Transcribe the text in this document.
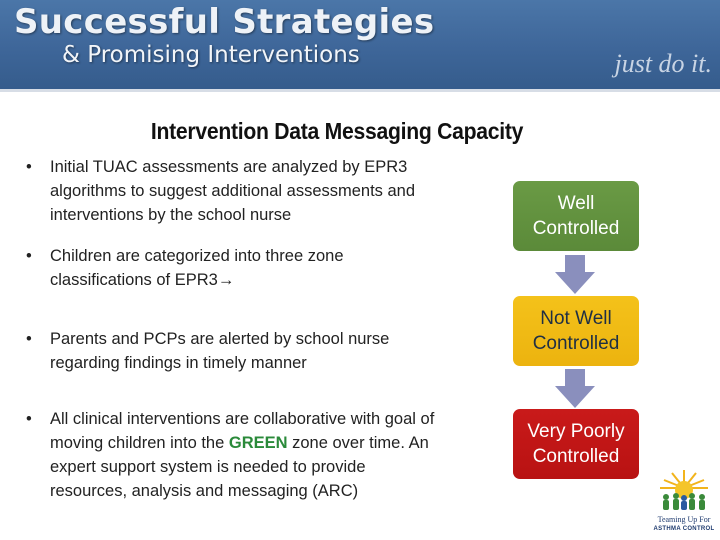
Successful Strategies
& Promising Interventions	just do it.
Intervention Data Messaging Capacity
• Initial TUAC assessments are analyzed by EPR3 algorithms to suggest additional assessments and interventions by the school nurse
• Children are categorized into three zone classifications of EPR3→
• Parents and PCPs are alerted by school nurse regarding findings in timely manner
• All clinical interventions are collaborative with goal of moving children into the GREEN zone over time. An expert support system is needed to provide resources, analysis and messaging (ARC)
Well Controlled
Not Well Controlled
Very Poorly Controlled
Teaming Up For
ASTHMA CONTROL
